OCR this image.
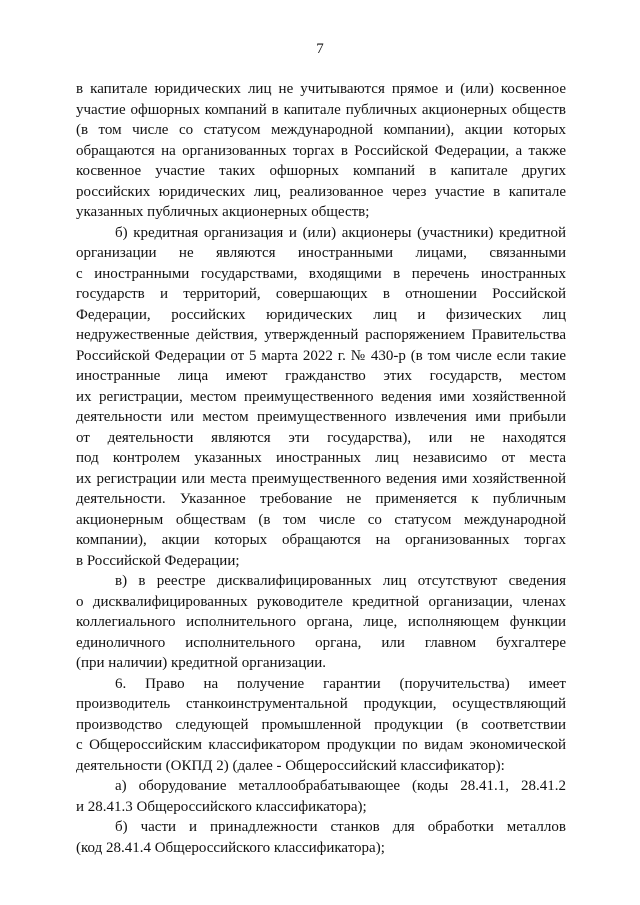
7
в капитале юридических лиц не учитываются прямое и (или) косвенное
участие офшорных компаний в капитале публичных акционерных обществ
(в том числе со статусом международной компании), акции которых
обращаются на организованных торгах в Российской Федерации, а также
косвенное участие таких офшорных компаний в капитале других
российских юридических лиц, реализованное через участие в капитале
указанных публичных акционерных обществ;
б) кредитная организация и (или) акционеры (участники) кредитной
организации не являются иностранными лицами, связанными
с иностранными государствами, входящими в перечень иностранных
государств и территорий, совершающих в отношении Российской
Федерации, российских юридических лиц и физических лиц
недружественные действия, утвержденный распоряжением Правительства
Российской Федерации от 5 марта 2022 г. № 430-р (в том числе если такие
иностранные лица имеют гражданство этих государств, местом
их регистрации, местом преимущественного ведения ими хозяйственной
деятельности или местом преимущественного извлечения ими прибыли
от деятельности являются эти государства), или не находятся
под контролем указанных иностранных лиц независимо от места
их регистрации или места преимущественного ведения ими хозяйственной
деятельности. Указанное требование не применяется к публичным
акционерным обществам (в том числе со статусом международной
компании), акции которых обращаются на организованных торгах
в Российской Федерации;
в) в реестре дисквалифицированных лиц отсутствуют сведения
о дисквалифицированных руководителе кредитной организации, членах
коллегиального исполнительного органа, лице, исполняющем функции
единоличного исполнительного органа, или главном бухгалтере
(при наличии) кредитной организации.
6. Право на получение гарантии (поручительства) имеет
производитель станкоинструментальной продукции, осуществляющий
производство следующей промышленной продукции (в соответствии
с Общероссийским классификатором продукции по видам экономической
деятельности (ОКПД 2) (далее - Общероссийский классификатор):
а) оборудование металлообрабатывающее (коды 28.41.1, 28.41.2
и 28.41.3 Общероссийского классификатора);
б) части и принадлежности станков для обработки металлов
(код 28.41.4 Общероссийского классификатора);
